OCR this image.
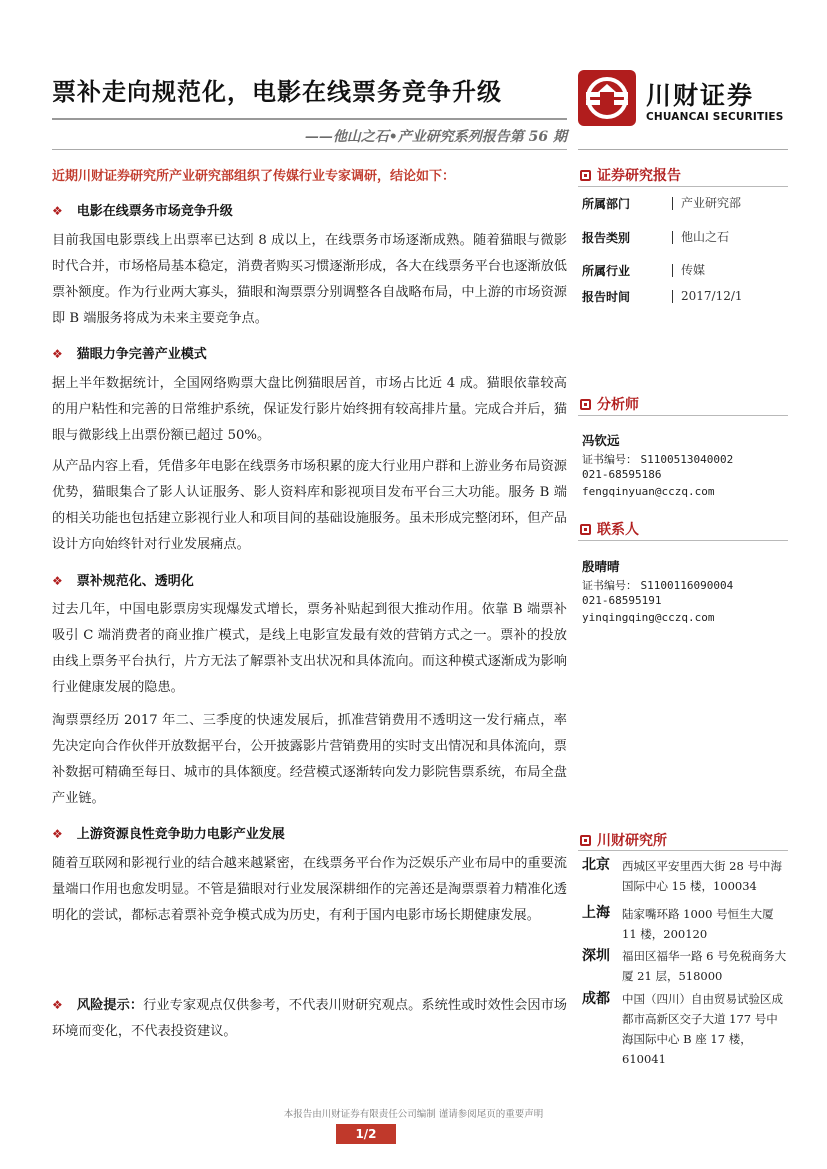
票补走向规范化，电影在线票务竞争升级	川财证券
CHUANCAI SECURITIES
——他山之石•产业研究系列报告第 56 期
近期川财证券研究所产业研究部组织了传媒行业专家调研，结论如下：
❖ 电影在线票务市场竞争升级
目前我国电影票线上出票率已达到 8 成以上，在线票务市场逐渐成熟。随着猫眼与微影时代合并，市场格局基本稳定，消费者购买习惯逐渐形成，各大在线票务平台也逐渐放低票补额度。作为行业两大寡头，猫眼和淘票票分别调整各自战略布局，中上游的市场资源即 B 端服务将成为未来主要竞争点。
❖ 猫眼力争完善产业模式
据上半年数据统计，全国网络购票大盘比例猫眼居首，市场占比近 4 成。猫眼依靠较高的用户粘性和完善的日常维护系统，保证发行影片始终拥有较高排片量。完成合并后，猫眼与微影线上出票份额已超过 50%。
从产品内容上看，凭借多年电影在线票务市场积累的庞大行业用户群和上游业务布局资源优势，猫眼集合了影人认证服务、影人资料库和影视项目发布平台三大功能。服务 B 端的相关功能也包括建立影视行业人和项目间的基础设施服务。虽未形成完整闭环，但产品设计方向始终针对行业发展痛点。
❖ 票补规范化、透明化
过去几年，中国电影票房实现爆发式增长，票务补贴起到很大推动作用。依靠 B 端票补吸引 C 端消费者的商业推广模式，是线上电影宣发最有效的营销方式之一。票补的投放由线上票务平台执行，片方无法了解票补支出状况和具体流向。而这种模式逐渐成为影响行业健康发展的隐患。
淘票票经历 2017 年二、三季度的快速发展后，抓准营销费用不透明这一发行痛点，率先决定向合作伙伴开放数据平台，公开披露影片营销费用的实时支出情况和具体流向，票补数据可精确至每日、城市的具体额度。经营模式逐渐转向发力影院售票系统，布局全盘产业链。
❖ 上游资源良性竞争助力电影产业发展
随着互联网和影视行业的结合越来越紧密，在线票务平台作为泛娱乐产业布局中的重要流量端口作用也愈发明显。不管是猫眼对行业发展深耕细作的完善还是淘票票着力精准化透明化的尝试，都标志着票补竞争模式成为历史，有利于国内电影市场长期健康发展。
❖ 风险提示：行业专家观点仅供参考，不代表川财研究观点。系统性或时效性会因市场环境而变化，不代表投资建议。
证券研究报告
所属部门	产业研究部
报告类别	他山之石
所属行业	传媒
报告时间	2017/12/1
分析师
冯钦远
证书编号： S1100513040002
021-68595186
fengqinyuan@cczq.com
联系人
殷晴晴
证书编号： S1100116090004
021-68595191
yinqingqing@cczq.com
川财研究所
北京 西城区平安里西大街 28 号中海国际中心 15 楼，100034
上海 陆家嘴环路 1000 号恒生大厦 11 楼，200120
深圳 福田区福华一路 6 号免税商务大厦 21 层，518000
成都 中国（四川）自由贸易试验区成都市高新区交子大道 177 号中海国际中心 B 座 17 楼，610041
本报告由川财证券有限责任公司编制 谨请参阅尾页的重要声明
1/2
